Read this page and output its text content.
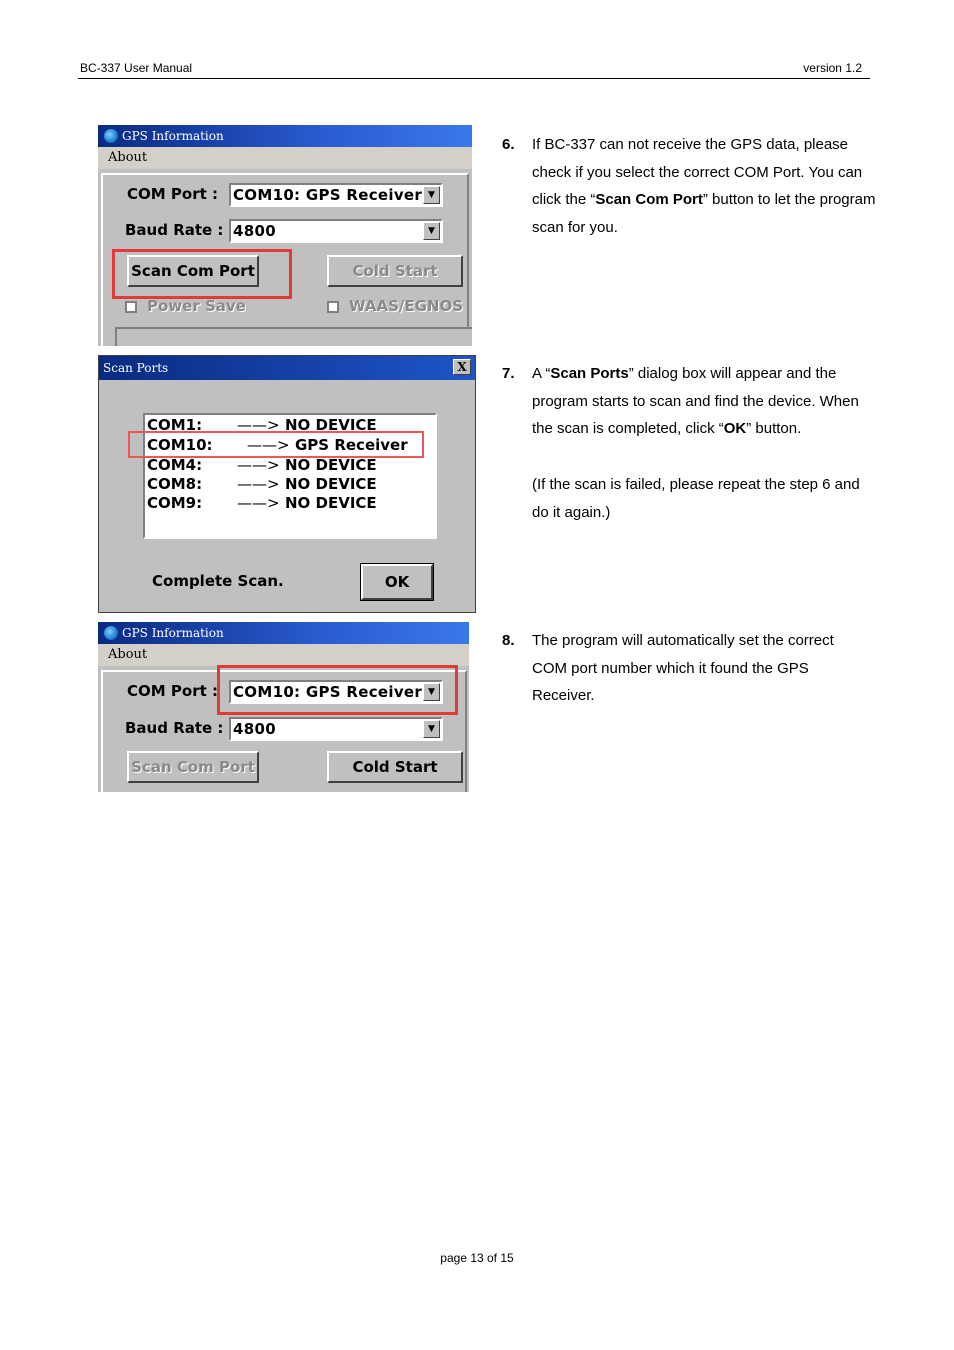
BC-337 User Manual	version 1.2
GPS Information
About
COM Port : COM10: GPS Receiver ▼
Baud Rate : 4800	▼
Scan Com Port	Cold Start
Power Save	WAAS/EGNOS
Scan Ports	X
COM1: ——> NO DEVICE
COM10: ——> GPS Receiver
COM4: ——> NO DEVICE
COM8: ——> NO DEVICE
COM9: ——> NO DEVICE
Complete Scan.	OK
GPS Information
About
COM Port : COM10: GPS Receiver ▼
Baud Rate : 4800	▼
Scan Com Port	Cold Start
6. If BC-337 can not receive the GPS data, please check if you select the correct COM Port. You can click the “Scan Com Port” button to let the program scan for you.
7. A “Scan Ports” dialog box will appear and the program starts to scan and find the device. When the scan is completed, click “OK” button.
(If the scan is failed, please repeat the step 6 and do it again.)
8. The program will automatically set the correct COM port number which it found the GPS Receiver.
page 13 of 15
